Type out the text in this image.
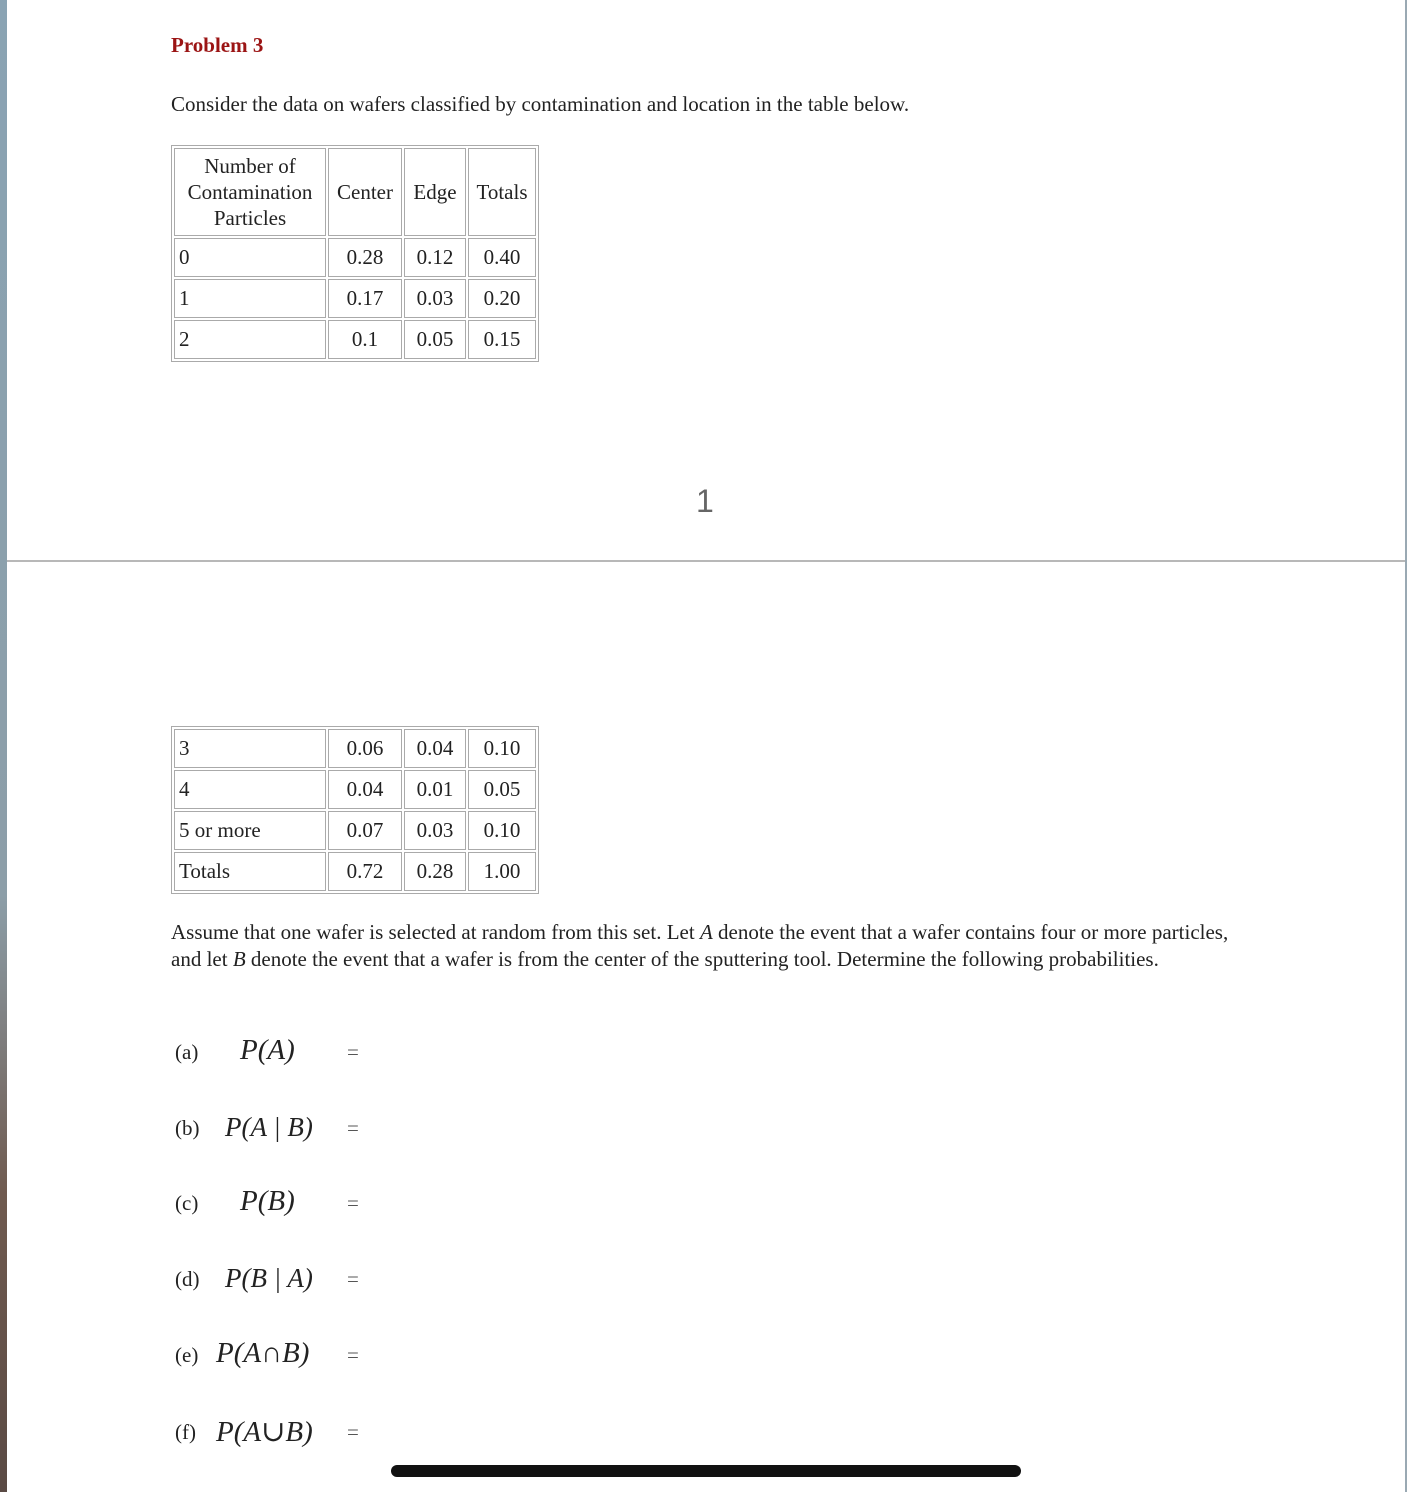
Problem 3
Consider the data on wafers classified by contamination and location in the table below.
Number of Contamination Particles	Center	Edge	Totals
0	0.28	0.12	0.40
1	0.17	0.03	0.20
2	0.1	0.05	0.15
1
3	0.06	0.04	0.10
4	0.04	0.01	0.05
5 or more	0.07	0.03	0.10
Totals	0.72	0.28	1.00
Assume that one wafer is selected at random from this set. Let A denote the event that a wafer contains four or more particles, and let B denote the event that a wafer is from the center of the sputtering tool. Determine the following probabilities.
(a) P(A) =
(b) P(A | B) =
(c) P(B) =
(d) P(B | A) =
(e) P(A∩B) =
(f) P(A∪B) =
